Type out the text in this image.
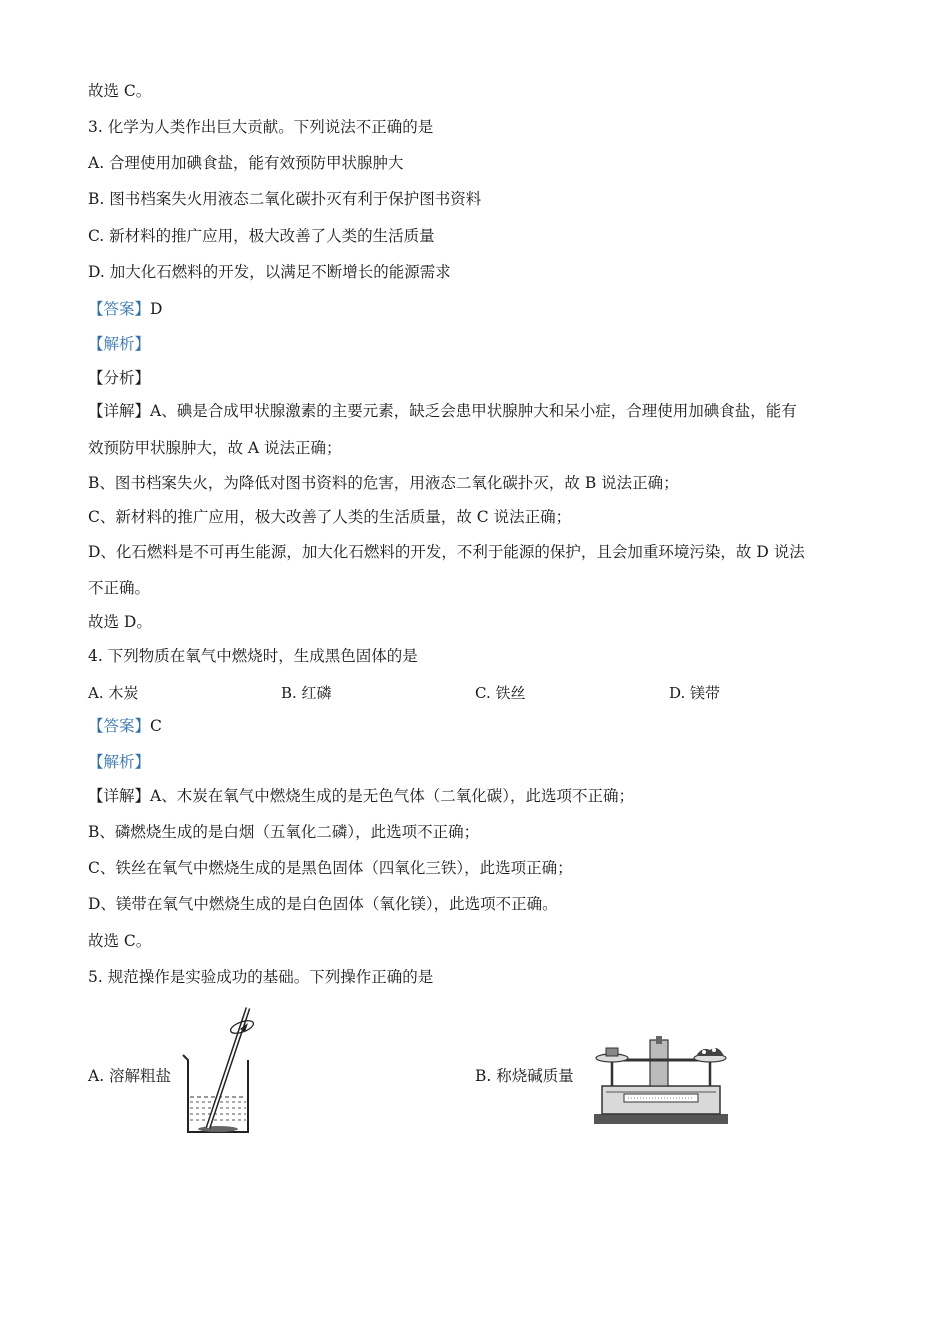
故选 C。
3. 化学为人类作出巨大贡献。下列说法不正确的是
A. 合理使用加碘食盐，能有效预防甲状腺肿大
B. 图书档案失火用液态二氧化碳扑灭有利于保护图书资料
C. 新材料的推广应用，极大改善了人类的生活质量
D. 加大化石燃料的开发，以满足不断增长的能源需求
【答案】D
【解析】
【分析】
【详解】A、碘是合成甲状腺激素的主要元素，缺乏会患甲状腺肿大和呆小症，合理使用加碘食盐，能有
效预防甲状腺肿大，故 A 说法正确；
B、图书档案失火，为降低对图书资料的危害，用液态二氧化碳扑灭，故 B 说法正确；
C、新材料的推广应用，极大改善了人类的生活质量，故 C 说法正确；
D、化石燃料是不可再生能源，加大化石燃料的开发，不利于能源的保护，且会加重环境污染，故 D 说法
不正确。
故选 D。
4. 下列物质在氧气中燃烧时，生成黑色固体的是
A. 木炭	B. 红磷	C. 铁丝	D. 镁带
【答案】C
【解析】
【详解】A、木炭在氧气中燃烧生成的是无色气体（二氧化碳），此选项不正确；
B、磷燃烧生成的是白烟（五氧化二磷），此选项不正确；
C、铁丝在氧气中燃烧生成的是黑色固体（四氧化三铁），此选项正确；
D、镁带在氧气中燃烧生成的是白色固体（氧化镁），此选项不正确。
故选 C。
5. 规范操作是实验成功的基础。下列操作正确的是
A. 溶解粗盐	B. 称烧碱质量
